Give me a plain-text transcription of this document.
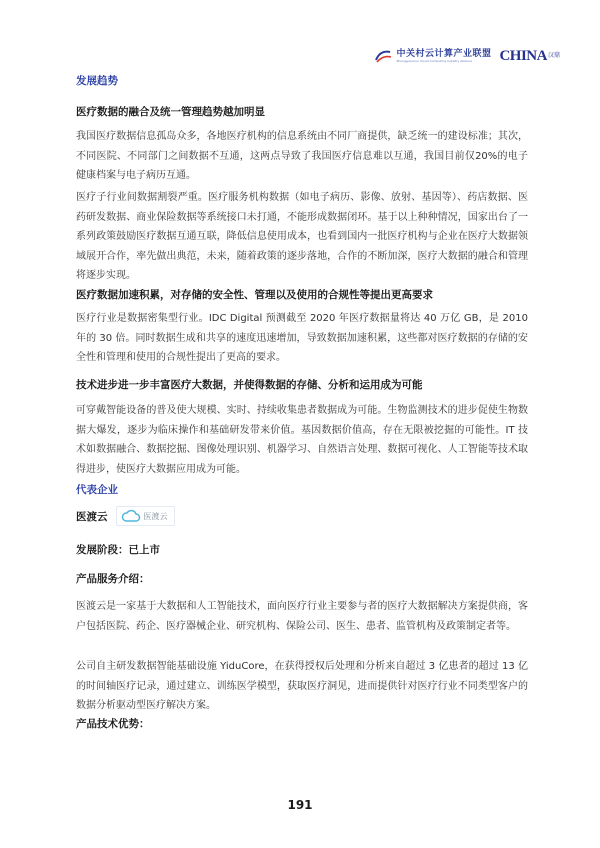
中关村云计算产业联盟
Zhongguancun Cloud Computing Industry Alliance	CHINA 汉鼎
发展趋势
医疗数据的融合及统一管理趋势越加明显

我国医疗数据信息孤岛众多，各地医疗机构的信息系统由不同厂商提供，缺乏统一的建设标准；其次，不同医院、不同部门之间数据不互通，这两点导致了我国医疗信息难以互通，我国目前仅20%的电子健康档案与电子病历互通。

医疗子行业间数据割裂严重。医疗服务机构数据（如电子病历、影像、放射、基因等）、药店数据、医药研发数据、商业保险数据等系统接口未打通，不能形成数据闭环。基于以上种种情况，国家出台了一系列政策鼓励医疗数据互通互联，降低信息使用成本，也看到国内一批医疗机构与企业在医疗大数据领域展开合作，率先做出典范，未来，随着政策的逐步落地，合作的不断加深，医疗大数据的融合和管理将逐步实现。

医疗数据加速积累，对存储的安全性、管理以及使用的合规性等提出更高要求

医疗行业是数据密集型行业。IDC Digital 预测截至 2020 年医疗数据量将达 40 万亿 GB，是 2010 年的 30 倍。同时数据生成和共享的速度迅速增加，导致数据加速积累，这些都对医疗数据的存储的安全性和管理和使用的合规性提出了更高的要求。

技术进步进一步丰富医疗大数据，并使得数据的存储、分析和运用成为可能

可穿戴智能设备的普及使大规模、实时、持续收集患者数据成为可能。生物监测技术的进步促使生物数据大爆发，逐步为临床操作和基础研发带来价值。基因数据价值高，存在无限被挖掘的可能性。IT 技术如数据融合、数据挖掘、图像处理识别、机器学习、自然语言处理、数据可视化、人工智能等技术取得进步，使医疗大数据应用成为可能。

代表企业
医渡云	医渡云
发展阶段：已上市
产品服务介绍：

医渡云是一家基于大数据和人工智能技术，面向医疗行业主要参与者的医疗大数据解决方案提供商，客户包括医院、药企、医疗器械企业、研究机构、保险公司、医生、患者、监管机构及政策制定者等。

公司自主研发数据智能基础设施 YiduCore，在获得授权后处理和分析来自超过 3 亿患者的超过 13 亿的时间轴医疗记录，通过建立、训练医学模型，获取医疗洞见，进而提供针对医疗行业不同类型客户的数据分析驱动型医疗解决方案。

产品技术优势：
191
